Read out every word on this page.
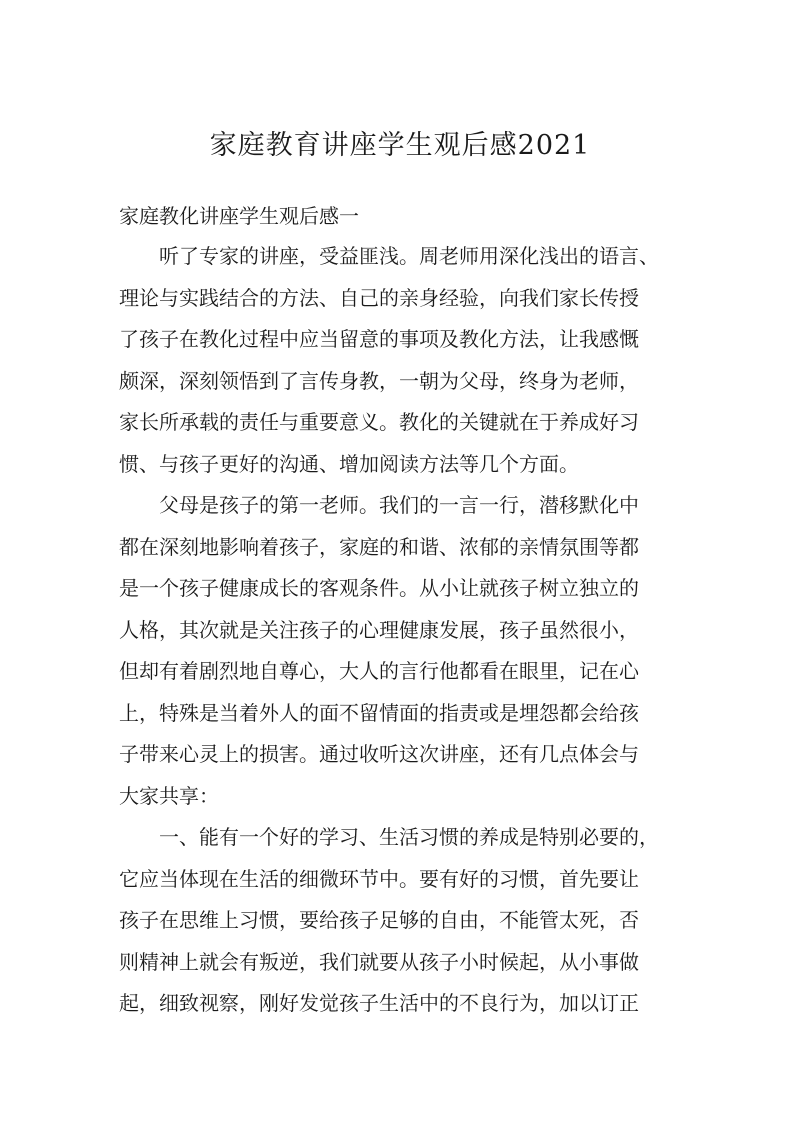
家庭教育讲座学生观后感2021
家庭教化讲座学生观后感一
听了专家的讲座，受益匪浅。周老师用深化浅出的语言、
理论与实践结合的方法、自己的亲身经验，向我们家长传授
了孩子在教化过程中应当留意的事项及教化方法，让我感慨
颇深，深刻领悟到了言传身教，一朝为父母，终身为老师，
家长所承载的责任与重要意义。教化的关键就在于养成好习
惯、与孩子更好的沟通、增加阅读方法等几个方面。
父母是孩子的第一老师。我们的一言一行，潜移默化中
都在深刻地影响着孩子，家庭的和谐、浓郁的亲情氛围等都
是一个孩子健康成长的客观条件。从小让就孩子树立独立的
人格，其次就是关注孩子的心理健康发展，孩子虽然很小，
但却有着剧烈地自尊心，大人的言行他都看在眼里，记在心
上，特殊是当着外人的面不留情面的指责或是埋怨都会给孩
子带来心灵上的损害。通过收听这次讲座，还有几点体会与
大家共享：
一、能有一个好的学习、生活习惯的养成是特别必要的，
它应当体现在生活的细微环节中。要有好的习惯，首先要让
孩子在思维上习惯，要给孩子足够的自由，不能管太死，否
则精神上就会有叛逆，我们就要从孩子小时候起，从小事做
起，细致视察，刚好发觉孩子生活中的不良行为，加以订正
